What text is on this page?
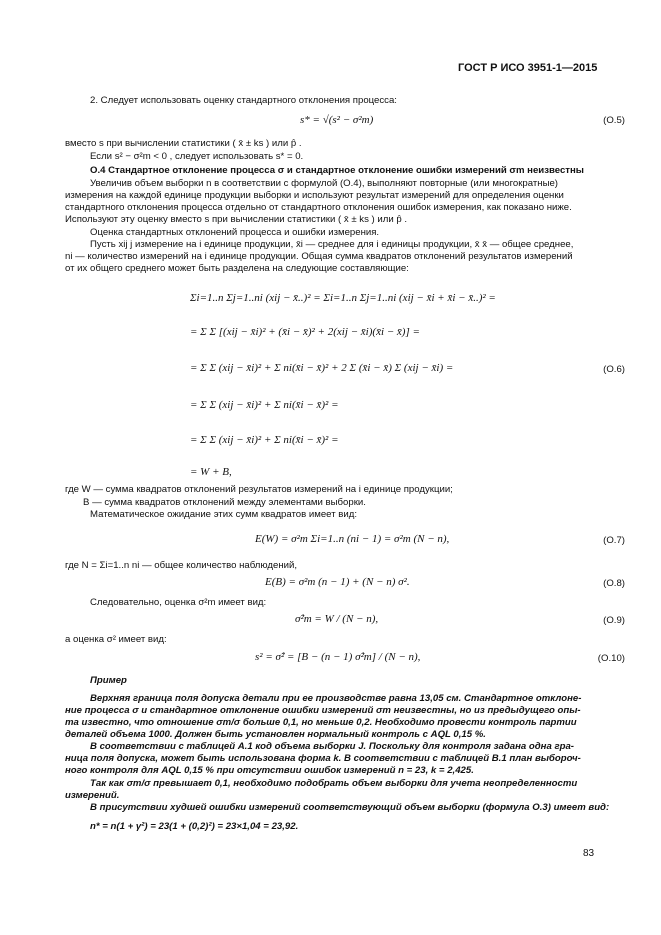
ГОСТ Р ИСО 3951-1—2015
2. Следует использовать оценку стандартного отклонения процесса:
s* = √(s² − σ²m)	(О.5)
вместо s при вычислении статистики ( x̄ ± ks ) или p̂ .
Если s² − σ²m < 0 , следует использовать s* = 0.
О.4 Стандартное отклонение процесса σ и стандартное отклонение ошибки измерений σm неизвестны
Увеличив объем выборки n в соответствии с формулой (О.4), выполняют повторные (или многократные)
измерения на каждой единице продукции выборки и используют результат измерений для определения оценки
стандартного отклонения процесса отдельно от стандартного отклонения ошибок измерения, как показано ниже.
Используют эту оценку вместо s при вычислении статистики ( x̄ ± ks ) или p̂ .
Оценка стандартных отклонений процесса и ошибки измерения.
Пусть xij j измерение на i единице продукции, x̄i — среднее для i единицы продукции, x̄ x̄ — общее среднее,
ni — количество измерений на i единице продукции. Общая сумма квадратов отклонений результатов измерений
от их общего среднего может быть разделена на следующие составляющие:
Σi=1..n Σj=1..ni (xij − x̄..)² = Σi=1..n Σj=1..ni (xij − x̄i + x̄i − x̄..)² =
= Σ Σ [(xij − x̄i)² + (x̄i − x̄)² + 2(xij − x̄i)(x̄i − x̄)] =
= Σ Σ (xij − x̄i)² + Σ ni(x̄i − x̄)² + 2 Σ (x̄i − x̄) Σ (xij − x̄i) =	(О.6)
= Σ Σ (xij − x̄i)² + Σ ni(x̄i − x̄)² =
= Σ Σ (xij − x̄i)² + Σ ni(x̄i − x̄)² =
= W + B,
где W — сумма квадратов отклонений результатов измерений на i единице продукции;
B — сумма квадратов отклонений между элементами выборки.
Математическое ожидание этих сумм квадратов имеет вид:
E(W) = σ²m Σi=1..n (ni − 1) = σ²m (N − n),	(О.7)
где N = Σi=1..n ni — общее количество наблюдений,
E(B) = σ²m (n − 1) + (N − n) σ².	(О.8)
Следовательно, оценка σ²m имеет вид:
σ̂²m = W / (N − n),	(О.9)
а оценка σ² имеет вид:
s² = σ̂² = [B − (n − 1) σ̂²m] / (N − n),	(О.10)
Пример
Верхняя граница поля допуска детали при ее производстве равна 13,05 см. Стандартное отклоне-
ние процесса σ и стандартное отклонение ошибки измерений σm неизвестны, но из предыдущего опы-
та известно, что отношение σm/σ больше 0,1, но меньше 0,2. Необходимо провести контроль партии
деталей объема 1000. Должен быть установлен нормальный контроль с AQL 0,15 %.
В соответствии с таблицей А.1 код объема выборки J. Поскольку для контроля задана одна гра-
ница поля допуска, может быть использована форма k. В соответствии с таблицей B.1 план выбороч-
ного контроля для AQL 0,15 % при отсутствии ошибок измерений n = 23, k = 2,425.
Так как σm/σ превышает 0,1, необходимо подобрать объем выборки для учета неопределенности
измерений.
В присутствии худшей ошибки измерений соответствующий объем выборки (формула О.3) имеет вид:
n* = n(1 + γ²) = 23(1 + (0,2)²) = 23×1,04 = 23,92.
83
